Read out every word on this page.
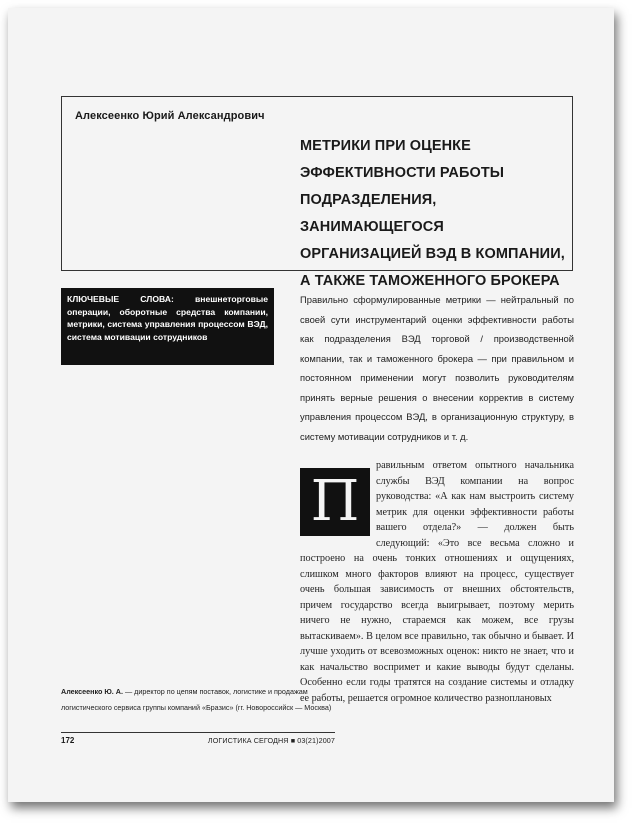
Алексеенко Юрий Александрович
МЕТРИКИ ПРИ ОЦЕНКЕ
ЭФФЕКТИВНОСТИ РАБОТЫ
ПОДРАЗДЕЛЕНИЯ, ЗАНИМАЮЩЕГОСЯ
ОРГАНИЗАЦИЕЙ ВЭД В КОМПАНИИ,
А ТАКЖЕ ТАМОЖЕННОГО БРОКЕРА
КЛЮЧЕВЫЕ СЛОВА: внешнеторговые операции, оборотные средства компании, метрики, система управления процессом ВЭД, система мотивации сотрудников
Правильно сформулированные метрики — нейтральный по своей сути инструментарий оценки эффективности работы как подразделения ВЭД торговой / производственной компании, так и таможенного брокера — при правильном и постоянном применении могут позволить руководителям принять верные решения о внесении корректив в систему управления процессом ВЭД, в организационную структуру, в систему мотивации сотрудников и т. д.
равильным ответом опытного начальника службы ВЭД компании на вопрос руководства: «А как нам выстроить систему метрик для оценки эффективности работы вашего отдела?» — должен быть следующий: «Это все весьма сложно и построено на очень тонких отношениях и ощущениях, слишком много факторов влияют на процесс, существует очень большая зависимость от внешних обстоятельств, причем государство всегда выигрывает, поэтому мерить ничего не нужно, стараемся как можем, все грузы вытаскиваем». В целом все правильно, так обычно и бывает. И лучше уходить от всевозможных оценок: никто не знает, что и как начальство воспримет и какие выводы будут сделаны. Особенно если годы тратятся на создание системы и отладку ее работы, решается огромное количество разноплановых
П
Алексеенко Ю. А. — директор по цепям поставок, логистике и продажам логистического сервиса группы компаний «Бразис» (гг. Новороссийск — Москва)
172	ЛОГИСТИКА СЕГОДНЯ ■ 03(21)2007
